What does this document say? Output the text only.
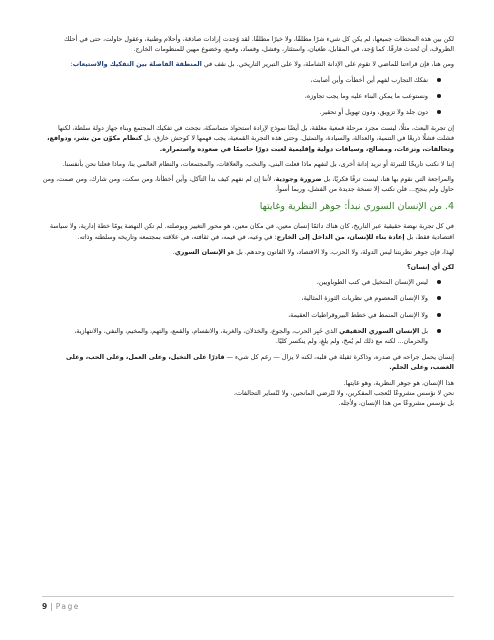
لكن بين هذه المحطات جميعها، لم يكن كل شيء شرًا مطلقًا، ولا خيرًا مطلقًا. لقد وُجدت إرادات صادقة، وأحلام وطنية، وعقول حاولت، حتى في أحلك الظروف، أن تُحدث فارقًا. كما وُجد، في المقابل، طغيان، واستئثار، وفشل، وفساد، وقمع، وخضوع مهين للمنظومات الخارج.

ومن هنا، فإن قراءتنا للماضي لا تقوم على الإدانة الشاملة، ولا على التبرير التاريخي. بل نقف في المنطقة الفاصلة بين التفكيك والاستيعاب:

نفكك التجارب لفهم أين أخطأت وأين أصابت،
ونستوعب ما يمكن البناء عليه وما يجب تجاوزه،
دون جلد ولا تزويق، ودون تهويل أو تحقير.

إن تجربة البعث، مثلًا، ليست مجرد مرحلة قمعية مغلقة، بل أيضًا نموذج لإرادة استحواذ متماسكة، نجحت في تفكيك المجتمع وبناء جهاز دولة سلطة، لكنها فشلت فشلًا ذريعًا في التنمية، والعدالة، والسيادة، والتمثيل. وحتى هذه التجربة القمعية، يجب فهمها لا كوحش خارق، بل كنظام مكوّن من بشر، ودوافع، وتحالفات، ونزعات، ومصالح، وسياقات دولية وإقليمية لعبت دورًا حاسمًا في صعوده واستمراره.

إننا لا نكتب تاريخًا للتبرئة أو نريد إدانة أخرى، بل لنفهم ماذا فعلت البنى، والنخب، والعلاقات، والمجتمعات، والنظام العالمي بنا، وماذا فعلنا نحن بأنفسنا.

والمراجعة التي نقوم بها هنا، ليست ترفًا فكريًا، بل ضرورة وجودية، لأننا إن لم نفهم كيف بدأ التآكل، وأين أخطأنا، ومن سكت، ومن شارك، ومن صمت، ومن حاول ولم ينجح... فلن نكتب إلا نسخة جديدة من الفشل، وربما أسوأ.

4. من الإنسان السوري نبدأ: جوهر النظرية وغايتها

في كل تجربة نهضة حقيقية عبر التاريخ، كان هناك دائمًا إنسان معين، في مكان معين، هو محور التغيير وبوصلته. لم تكن النهضة يومًا خطة إدارية، ولا سياسة اقتصادية فقط، بل إعادة بناء للإنسان، من الداخل إلى الخارج: في وعيه، في قيمه، في ثقافته، في علاقته بمجتمعه وتاريخه وسلطته وذاته.

لهذا، فإن جوهر نظريتنا ليس الدولة، ولا الحزب، ولا الاقتصاد، ولا القانون وحدهم. بل هو الإنسان السوري.

لكن أي إنسان؟

ليس الإنسان المتخيل في كتب الطوباويين،
ولا الإنسان المعصوم في نظريات الثورة المثالية،
ولا الإنسان المنمط في خطط البيروقراطيات العقيمة،
بل الإنسان السوري الحقيقي الذي خَبِر الحرب، والجوع، والخذلان، والغربة، والانقسام، والقمع، والتهم، والمخيم، والنفي، والانتهازية، والحرمان... لكنه مع ذلك لم يُمحَ، ولم يلغِ، ولم ينكسر كليًا.

إنسان يحمل جراحه في صدره، وذاكرة ثقيلة في قلبه، لكنه لا يزال — رغم كل شيء — قادرًا على التخيل، وعلى العمل، وعلى الحب، وعلى الغضب، وعلى الحلم.

هذا الإنسان، هو جوهر النظرية، وهو غايتها.

نحن لا نؤسس مشروعًا لنُعجب المفكرين، ولا لنُرضي المانحين، ولا لنُساير التحالفات،

بل نؤسس مشروعًا من هذا الإنسان، ولأجله.

9 | Page
